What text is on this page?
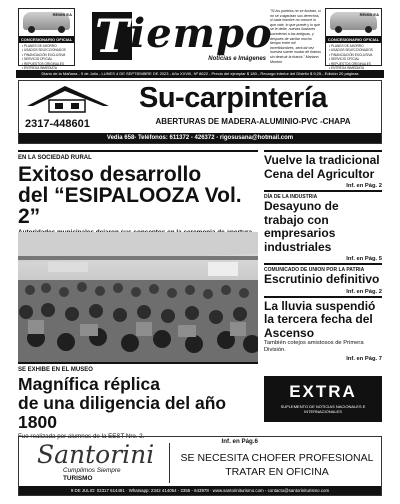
REMIS EA
CONCESIONARIO OFICIAL
• PLANES DE AHORRO
• USADOS SELECCIONADOS
• FINANCIACIÓN EXCLUSIVA
• SERVICIO OFICIAL
• REPUESTOS ORIGINALES
• ENTREGA INMEDIATA
T iempo
Noticias e Imágenes
"Si los pueblos no se ilustran, si no se vulgarizan sus derechos, si cada hombre no conoce lo que vale, lo que puede y lo que se le debe, nuevas ilusiones sucederán a las antiguas, y después de vacilar mucho tiempo entre mil incertidumbres, será tal vez nuestra suerte mudar de tiranos sin destruir la tiranía." Mariano Moreno
REMIS EA
CONCESIONARIO OFICIAL
• PLANES DE AHORRO
• USADOS SELECCIONADOS
• FINANCIACIÓN EXCLUSIVA
• SERVICIO OFICIAL
• REPUESTOS ORIGINALES
• ENTREGA INMEDIATA
Diario de la Mañana - 9 de Julio - LUNES 4 DE SEPTIEMBRE DE 2023 - Año XXVIII, Nº 8622 - Precio del ejemplar $ 180.- Recargo interior del Distrito $ 9,25.- Edición 20 páginas
2317-448601
Su-carpintería
ABERTURAS DE MADERA-ALUMINIO-PVC -CHAPA
Vedia 658- Teléfonos: 611372 - 426372 - rigosusana@hotmail.com
EN LA SOCIEDAD RURAL
Exitoso desarrollo
del “ESIPALOOZA Vol. 2”
SE EXHIBE EN EL MUSEO
Magnífica réplica
de una diligencia del año 1800
Fue realizada por alumnos de la EEST Nro. 2.
Inf. en Pág.6
Vuelve la tradicional Cena del Agricultor
Inf. en Pág. 2
DÍA DE LA INDUSTRIA
Desayuno de trabajo con empresarios industriales
Inf. en Pág. 5
COMUNICADO DE UNION POR LA PATRIA
Escrutinio definitivo
Inf. en Pág. 2
La lluvia suspendió la tercera fecha del Ascenso
También cotejos amistosos de Primera División.
Inf. en Pág. 7
EXTRA
SUPLEMENTO DE NOTICIAS NACIONALES E INTERNACIONALES
Santorini
Cumplimos Siempre
TURISMO
SE NECESITA CHOFER PROFESIONAL
TRATAR EN OFICINA
9 DE JULIO: 02317 614491 · Whatsapp: 2342 414054 - 2355 - 643978 · www.santoriniturismo.com - contacto@santoriniturismo.com
